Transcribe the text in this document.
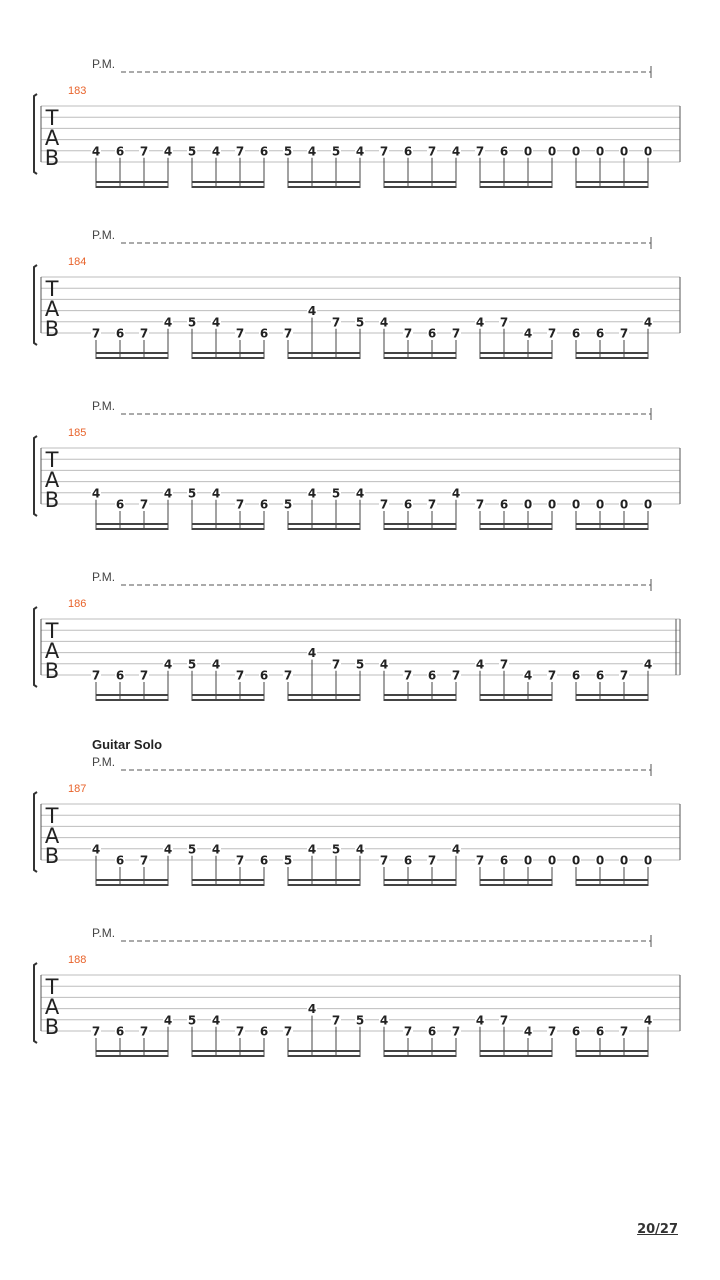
P.M.
183
T
A
B	4 6 7 4 5 4 7 6 5 4 5 4 7 6 7 4 7 6 0 0 0 0 0 0
P.M.
184
T
A
B	7 6 7
4 5 4
7 6 7
4
7 5 4
7 6 7
4 7
4 7 6 6 7
4
P.M.
185
T
A
B	4
6 7
4 5 4
7 6 5
4 5 4
7 6 7
4
7 6 0 0 0 0 0 0
P.M.
186
T
A
B	7 6 7
4 5 4
7 6 7
4
7 5 4
7 6 7
4 7
4 7 6 6 7
4
Guitar Solo
P.M.
187
T
A
B	4
6 7
4 5 4
7 6 5
4 5 4
7 6 7
4
7 6 0 0 0 0 0 0
P.M.
188
T
A
B	7 6 7
4 5 4
7 6 7
4
7 5 4
7 6 7
4 7
4 7 6 6 7
4
20/27
